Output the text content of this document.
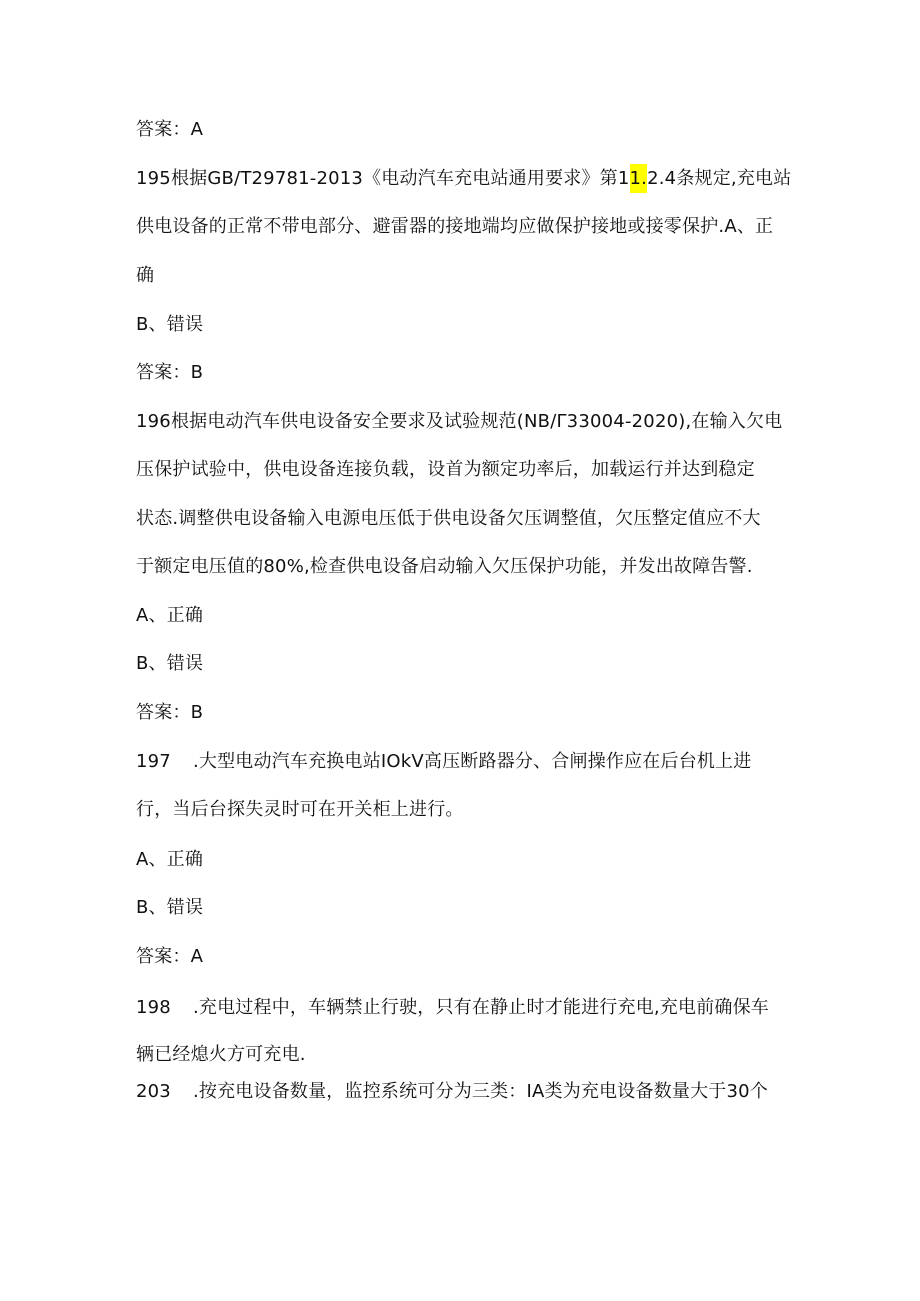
答案：A
195根据GB/T29781-2013《电动汽车充电站通用要求》第11.2.4条规定,充电站
供电设备的正常不带电部分、避雷器的接地端均应做保护接地或接零保护.A、正
确
B、错误
答案：B
196根据电动汽车供电设备安全要求及试验规范(NB∕Γ33004-2020),在输入欠电
压保护试验中，供电设备连接负载，设首为额定功率后，加载运行并达到稳定
状态.调整供电设备输入电源电压低于供电设备欠压调整值，欠压整定值应不大
于额定电压值的80%,检查供电设备启动输入欠压保护功能，并发出故障告警.
A、正确
B、错误
答案：B
197 .大型电动汽车充换电站IOkV高压断路器分、合闸操作应在后台机上进
行，当后台探失灵时可在开关柜上进行。
A、正确
B、错误
答案：A
198 .充电过程中，车辆禁止行驶，只有在静止时才能进行充电,充电前确保车
辆已经熄火方可充电.
203 .按充电设备数量，监控系统可分为三类：IA类为充电设备数量大于30个
